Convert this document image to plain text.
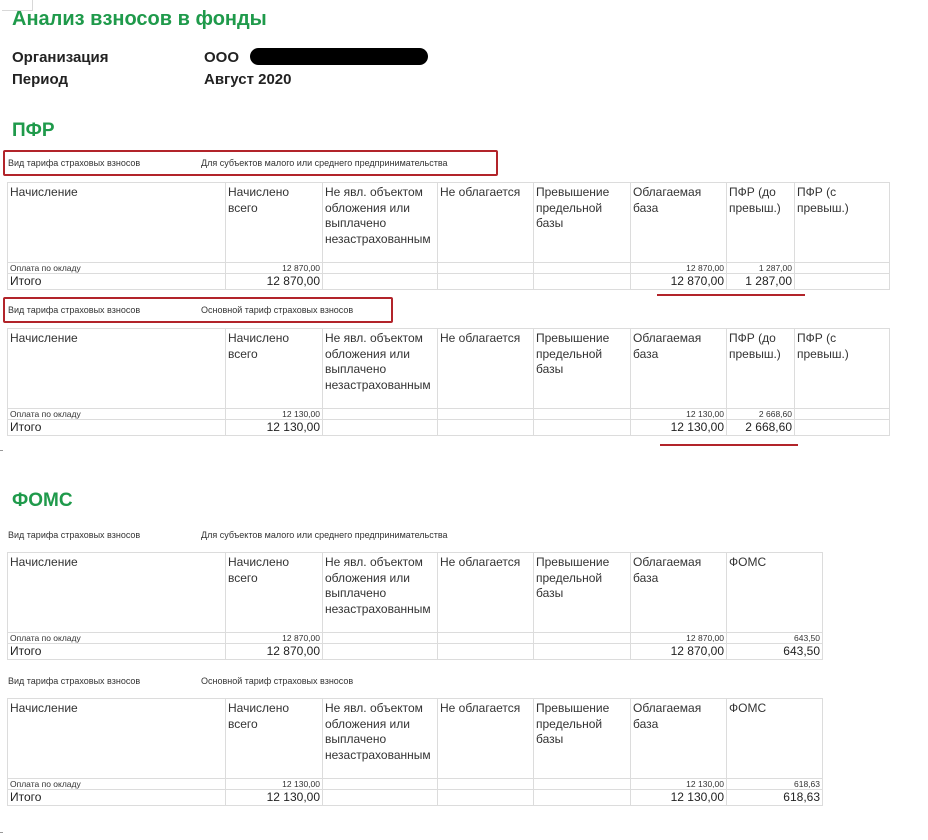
Анализ взносов в фонды
Организация	ООО
Период	Август 2020
ПФР
Вид тарифа страховых взносов	Для субъектов малого или среднего предпринимательства
Начисление	Начислено всего	Не явл. объектом обложения или выплачено незастрахованным	Не облагается	Превышение предельной базы	Облагаемая база	ПФР (до превыш.)	ПФР (с превыш.)
Оплата по окладу	12 870,00				12 870,00	1 287,00	
Итого	12 870,00				12 870,00	1 287,00	
Вид тарифа страховых взносов	Основной тариф страховых взносов
Начисление	Начислено всего	Не явл. объектом обложения или выплачено незастрахованным	Не облагается	Превышение предельной базы	Облагаемая база	ПФР (до превыш.)	ПФР (с превыш.)
Оплата по окладу	12 130,00				12 130,00	2 668,60	
Итого	12 130,00				12 130,00	2 668,60	
ФОМС
Вид тарифа страховых взносов	Для субъектов малого или среднего предпринимательства
Начисление	Начислено всего	Не явл. объектом обложения или выплачено незастрахованным	Не облагается	Превышение предельной базы	Облагаемая база	ФОМС
Оплата по окладу	12 870,00				12 870,00	643,50
Итого	12 870,00				12 870,00	643,50
Вид тарифа страховых взносов	Основной тариф страховых взносов
Начисление	Начислено всего	Не явл. объектом обложения или выплачено незастрахованным	Не облагается	Превышение предельной базы	Облагаемая база	ФОМС
Оплата по окладу	12 130,00				12 130,00	618,63
Итого	12 130,00				12 130,00	618,63
